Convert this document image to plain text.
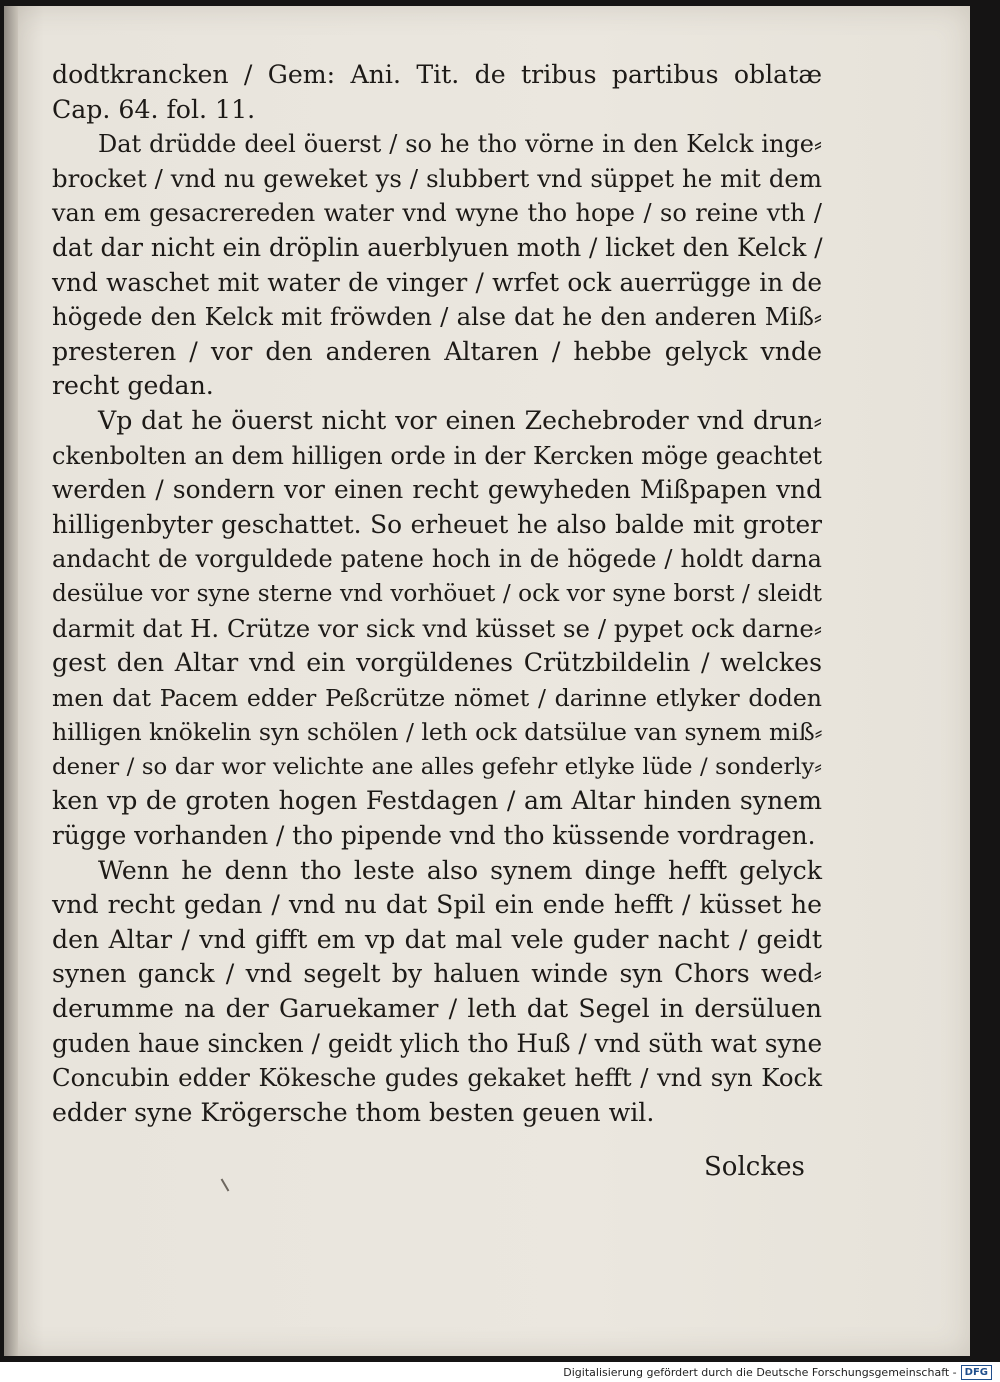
dodtkrancken / Gem: Ani. Tit. de tribus partibus oblatæ
Cap. 64. fol. 11.
Dat drüdde deel öuerst / so he tho vörne in den Kelck inge⸗
brocket / vnd nu geweket ys / slubbert vnd süppet he mit dem
van em gesacrereden water vnd wyne tho hope / so reine vth /
dat dar nicht ein dröplin auerblyuen moth / licket den Kelck /
vnd waschet mit water de vinger / wrfet ock auerrügge in de
högede den Kelck mit fröwden / alse dat he den anderen Miß⸗
presteren / vor den anderen Altaren / hebbe gelyck vnde
recht gedan.
Vp dat he öuerst nicht vor einen Zechebroder vnd drun⸗
ckenbolten an dem hilligen orde in der Kercken möge geachtet
werden / sondern vor einen recht gewyheden Mißpapen vnd
hilligenbyter geschattet. So erheuet he also balde mit groter
andacht de vorguldede patene hoch in de högede / holdt darna
desülue vor syne sterne vnd vorhöuet / ock vor syne borst / sleidt
darmit dat H. Crütze vor sick vnd küsset se / pypet ock darne⸗
gest den Altar vnd ein vorgüldenes Crützbildelin / welckes
men dat Pacem edder Peßcrütze nömet / darinne etlyker doden
hilligen knökelin syn schölen / leth ock datsülue van synem miß⸗
dener / so dar wor velichte ane alles gefehr etlyke lüde / sonderly⸗
ken vp de groten hogen Festdagen / am Altar hinden synem
rügge vorhanden / tho pipende vnd tho küssende vordragen.
Wenn he denn tho leste also synem dinge hefft gelyck
vnd recht gedan / vnd nu dat Spil ein ende hefft / küsset he
den Altar / vnd gifft em vp dat mal vele guder nacht / geidt
synen ganck / vnd segelt by haluen winde syn Chors wed⸗
derumme na der Garuekamer / leth dat Segel in dersüluen
guden haue sincken / geidt ylich tho Huß / vnd süth wat syne
Concubin edder Kökesche gudes gekaket hefft / vnd syn Kock
edder syne Krögersche thom besten geuen wil.
Solckes
Digitalisierung gefördert durch die Deutsche Forschungsgemeinschaft - DFG
